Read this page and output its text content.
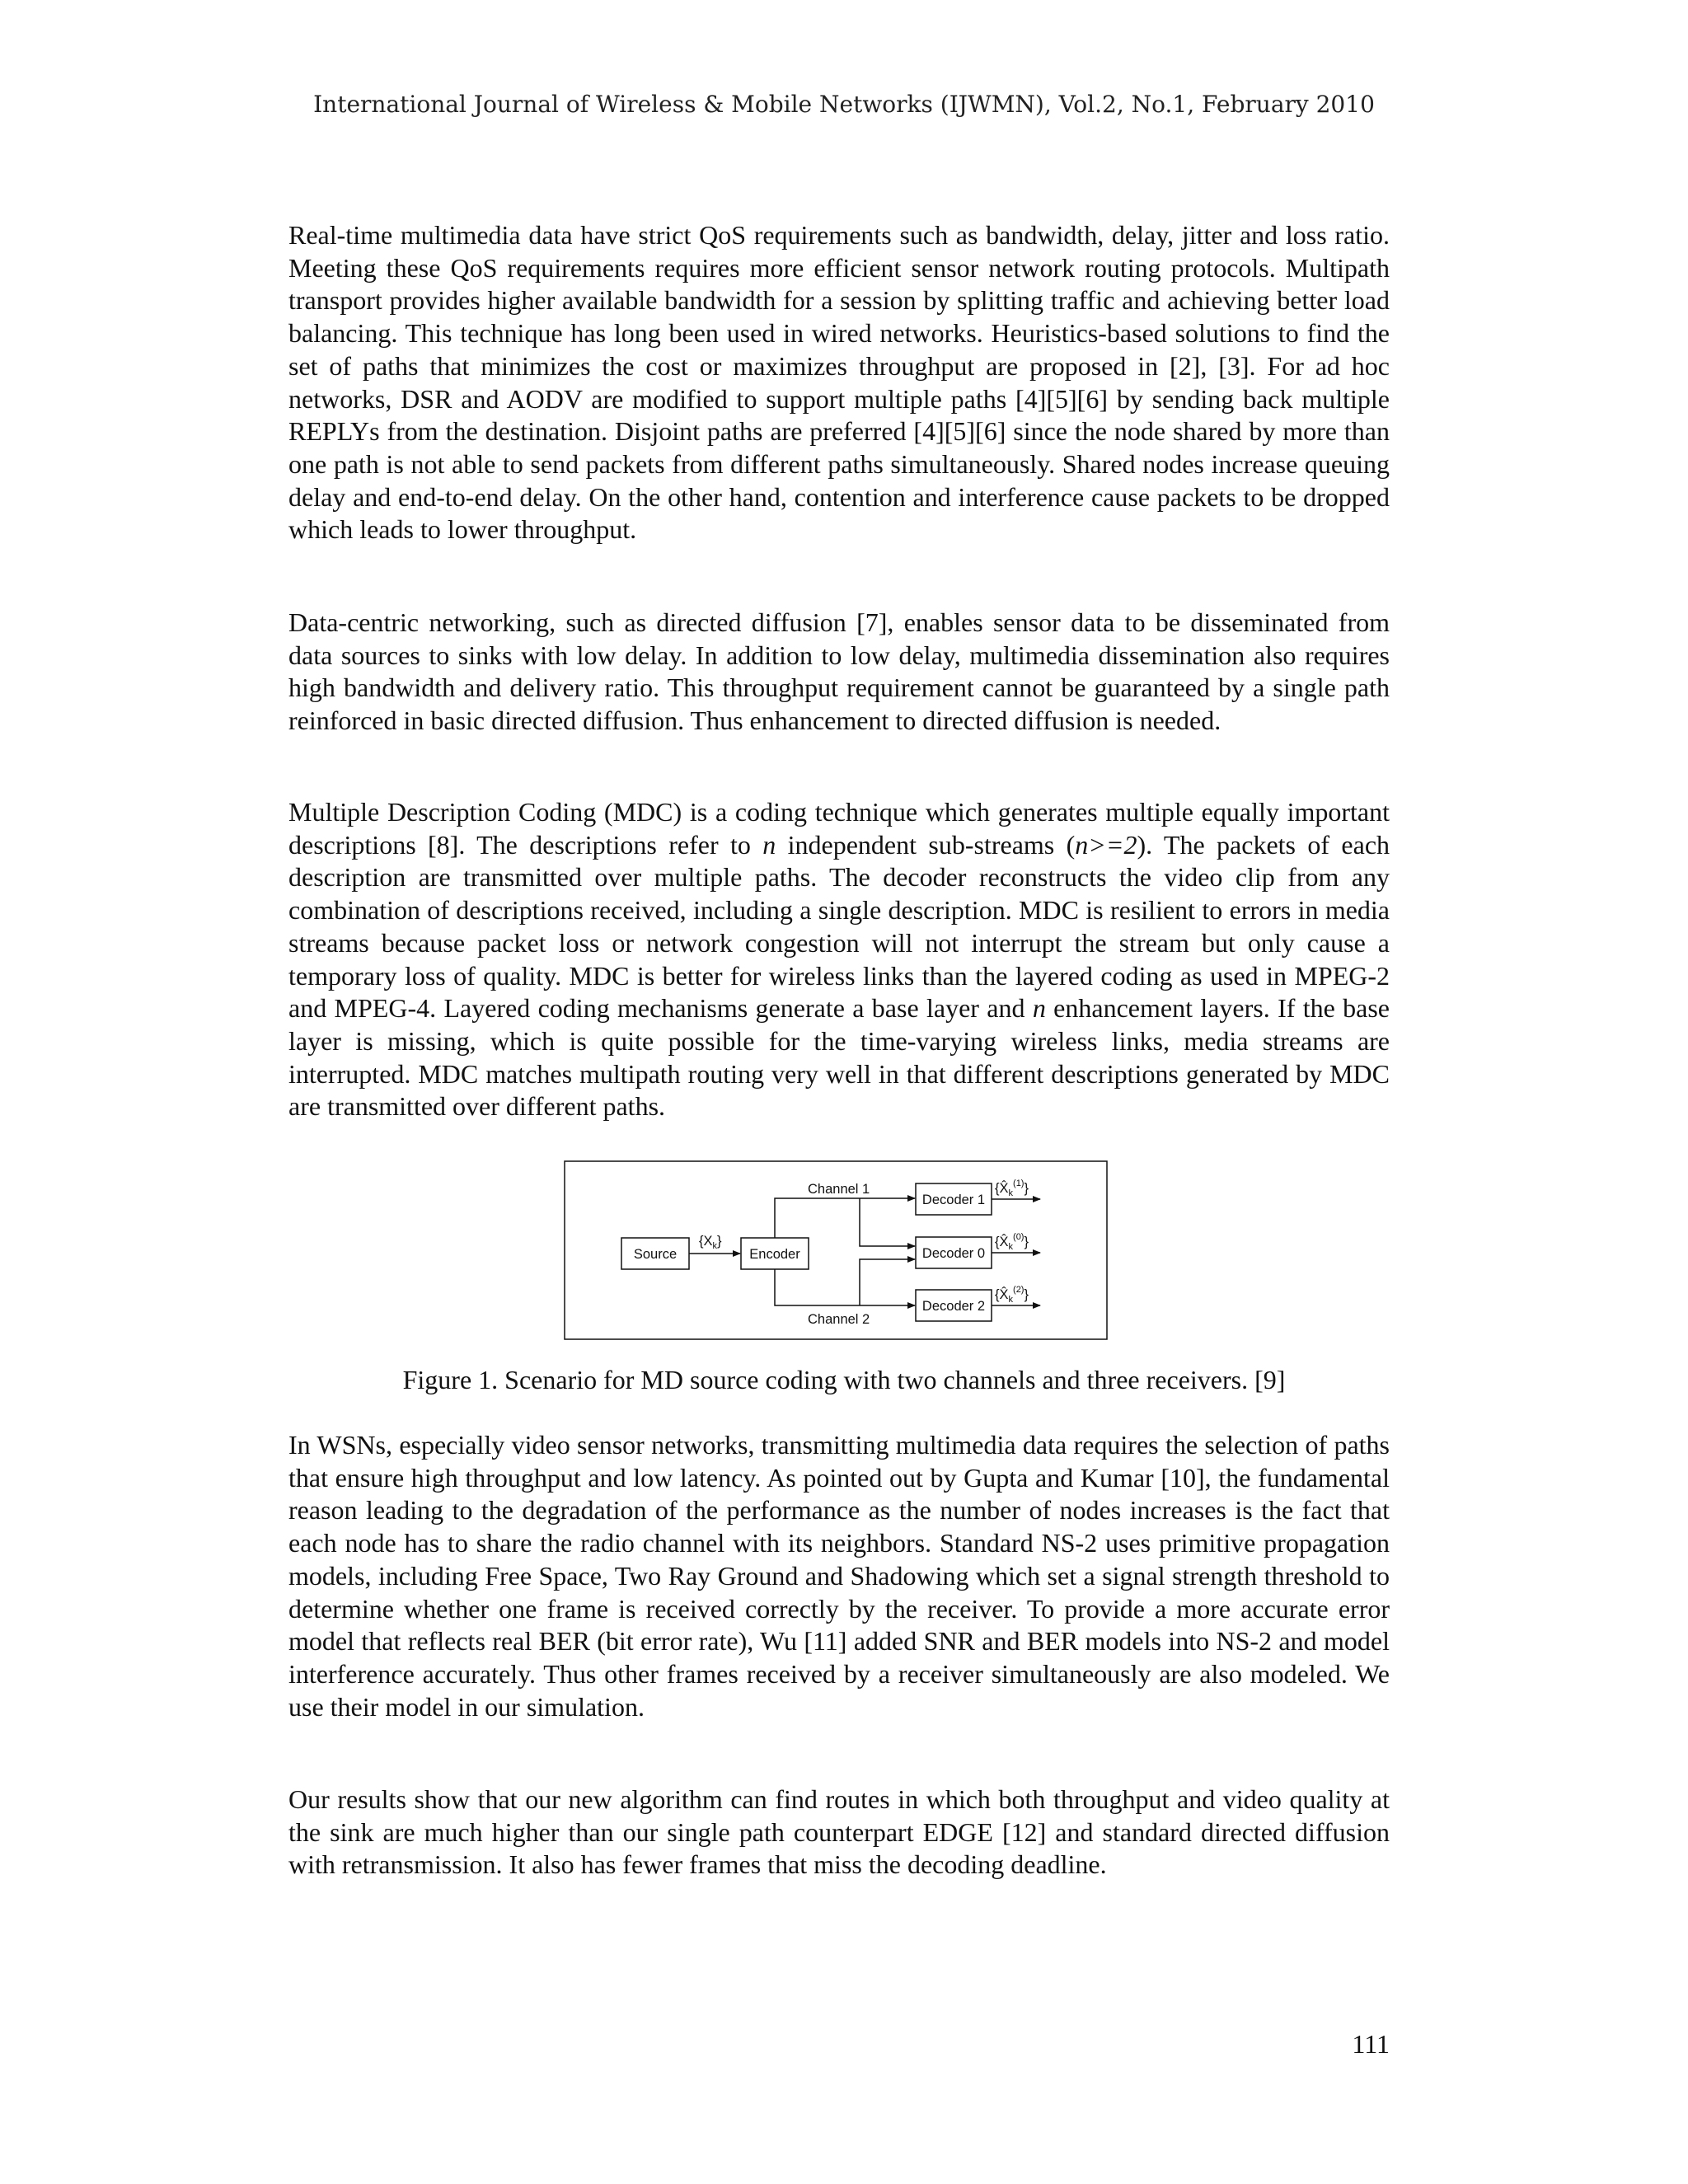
International Journal of Wireless & Mobile Networks (IJWMN), Vol.2, No.1, February 2010

Real-time multimedia data have strict QoS requirements such as bandwidth, delay, jitter and loss ratio. Meeting these QoS requirements requires more efficient sensor network routing protocols. Multipath transport provides higher available bandwidth for a session by splitting traffic and achieving better load balancing. This technique has long been used in wired networks. Heuristics-based solutions to find the set of paths that minimizes the cost or maximizes throughput are proposed in [2], [3]. For ad hoc networks, DSR and AODV are modified to support multiple paths [4][5][6] by sending back multiple REPLYs from the destination. Disjoint paths are preferred [4][5][6] since the node shared by more than one path is not able to send packets from different paths simultaneously. Shared nodes increase queuing delay and end-to-end delay. On the other hand, contention and interference cause packets to be dropped which leads to lower throughput.

Data-centric networking, such as directed diffusion [7], enables sensor data to be disseminated from data sources to sinks with low delay. In addition to low delay, multimedia dissemination also requires high bandwidth and delivery ratio. This throughput requirement cannot be guaranteed by a single path reinforced in basic directed diffusion. Thus enhancement to directed diffusion is needed.

Multiple Description Coding (MDC) is a coding technique which generates multiple equally important descriptions [8]. The descriptions refer to n independent sub-streams (n>=2). The packets of each description are transmitted over multiple paths. The decoder reconstructs the video clip from any combination of descriptions received, including a single description. MDC is resilient to errors in media streams because packet loss or network congestion will not interrupt the stream but only cause a temporary loss of quality. MDC is better for wireless links than the layered coding as used in MPEG-2 and MPEG-4. Layered coding mechanisms generate a base layer and n enhancement layers. If the base layer is missing, which is quite possible for the time-varying wireless links, media streams are interrupted. MDC matches multipath routing very well in that different descriptions generated by MDC are transmitted over different paths.

Source
$\{X_k\}$
Encoder
Channel 1
Channel 2
Decoder 1
Decoder 0
Decoder 2
$\{X̂_k^{(1)}\}$
$\{X̂_k^{(0)}\}$
$\{X̂_k^{(2)}\}$
Figure 1. Scenario for MD source coding with two channels and three receivers. [9]

In WSNs, especially video sensor networks, transmitting multimedia data requires the selection of paths that ensure high throughput and low latency. As pointed out by Gupta and Kumar [10], the fundamental reason leading to the degradation of the performance as the number of nodes increases is the fact that each node has to share the radio channel with its neighbors. Standard NS-2 uses primitive propagation models, including Free Space, Two Ray Ground and Shadowing which set a signal strength threshold to determine whether one frame is received correctly by the receiver. To provide a more accurate error model that reflects real BER (bit error rate), Wu [11] added SNR and BER models into NS-2 and model interference accurately. Thus other frames received by a receiver simultaneously are also modeled. We use their model in our simulation.

Our results show that our new algorithm can find routes in which both throughput and video quality at the sink are much higher than our single path counterpart EDGE [12] and standard directed diffusion with retransmission. It also has fewer frames that miss the decoding deadline.

111
